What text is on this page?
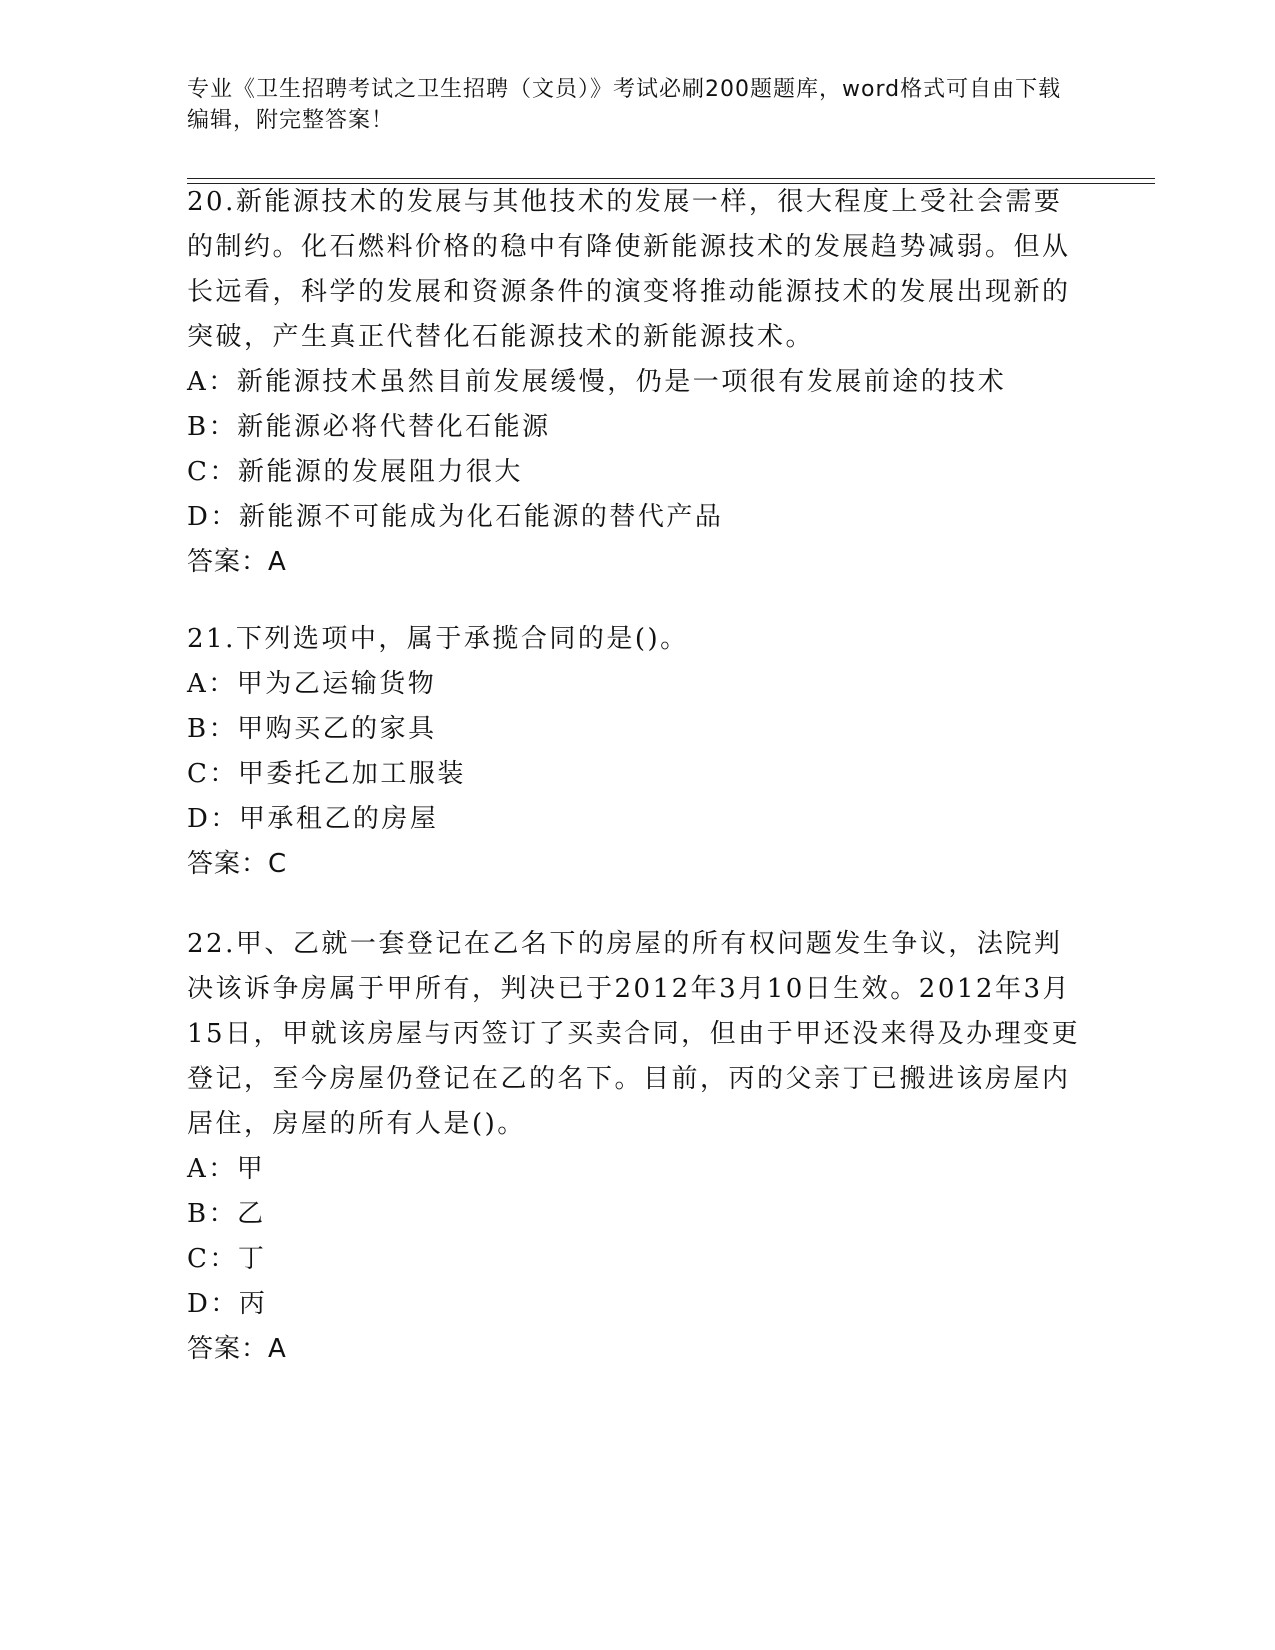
专业《卫生招聘考试之卫生招聘（文员）》考试必刷200题题库，word格式可自由下载编辑，附完整答案！
20.新能源技术的发展与其他技术的发展一样，很大程度上受社会需要的制约。化石燃料价格的稳中有降使新能源技术的发展趋势减弱。但从长远看，科学的发展和资源条件的演变将推动能源技术的发展出现新的突破，产生真正代替化石能源技术的新能源技术。
A：新能源技术虽然目前发展缓慢，仍是一项很有发展前途的技术
B：新能源必将代替化石能源
C：新能源的发展阻力很大
D：新能源不可能成为化石能源的替代产品
答案：A
21.下列选项中，属于承揽合同的是()。
A：甲为乙运输货物
B：甲购买乙的家具
C：甲委托乙加工服装
D：甲承租乙的房屋
答案：C
22.甲、乙就一套登记在乙名下的房屋的所有权问题发生争议，法院判决该诉争房属于甲所有，判决已于2012年3月10日生效。2012年3月15日，甲就该房屋与丙签订了买卖合同，但由于甲还没来得及办理变更登记，至今房屋仍登记在乙的名下。目前，丙的父亲丁已搬进该房屋内居住，房屋的所有人是()。
A：甲
B：乙
C：丁
D：丙
答案：A
